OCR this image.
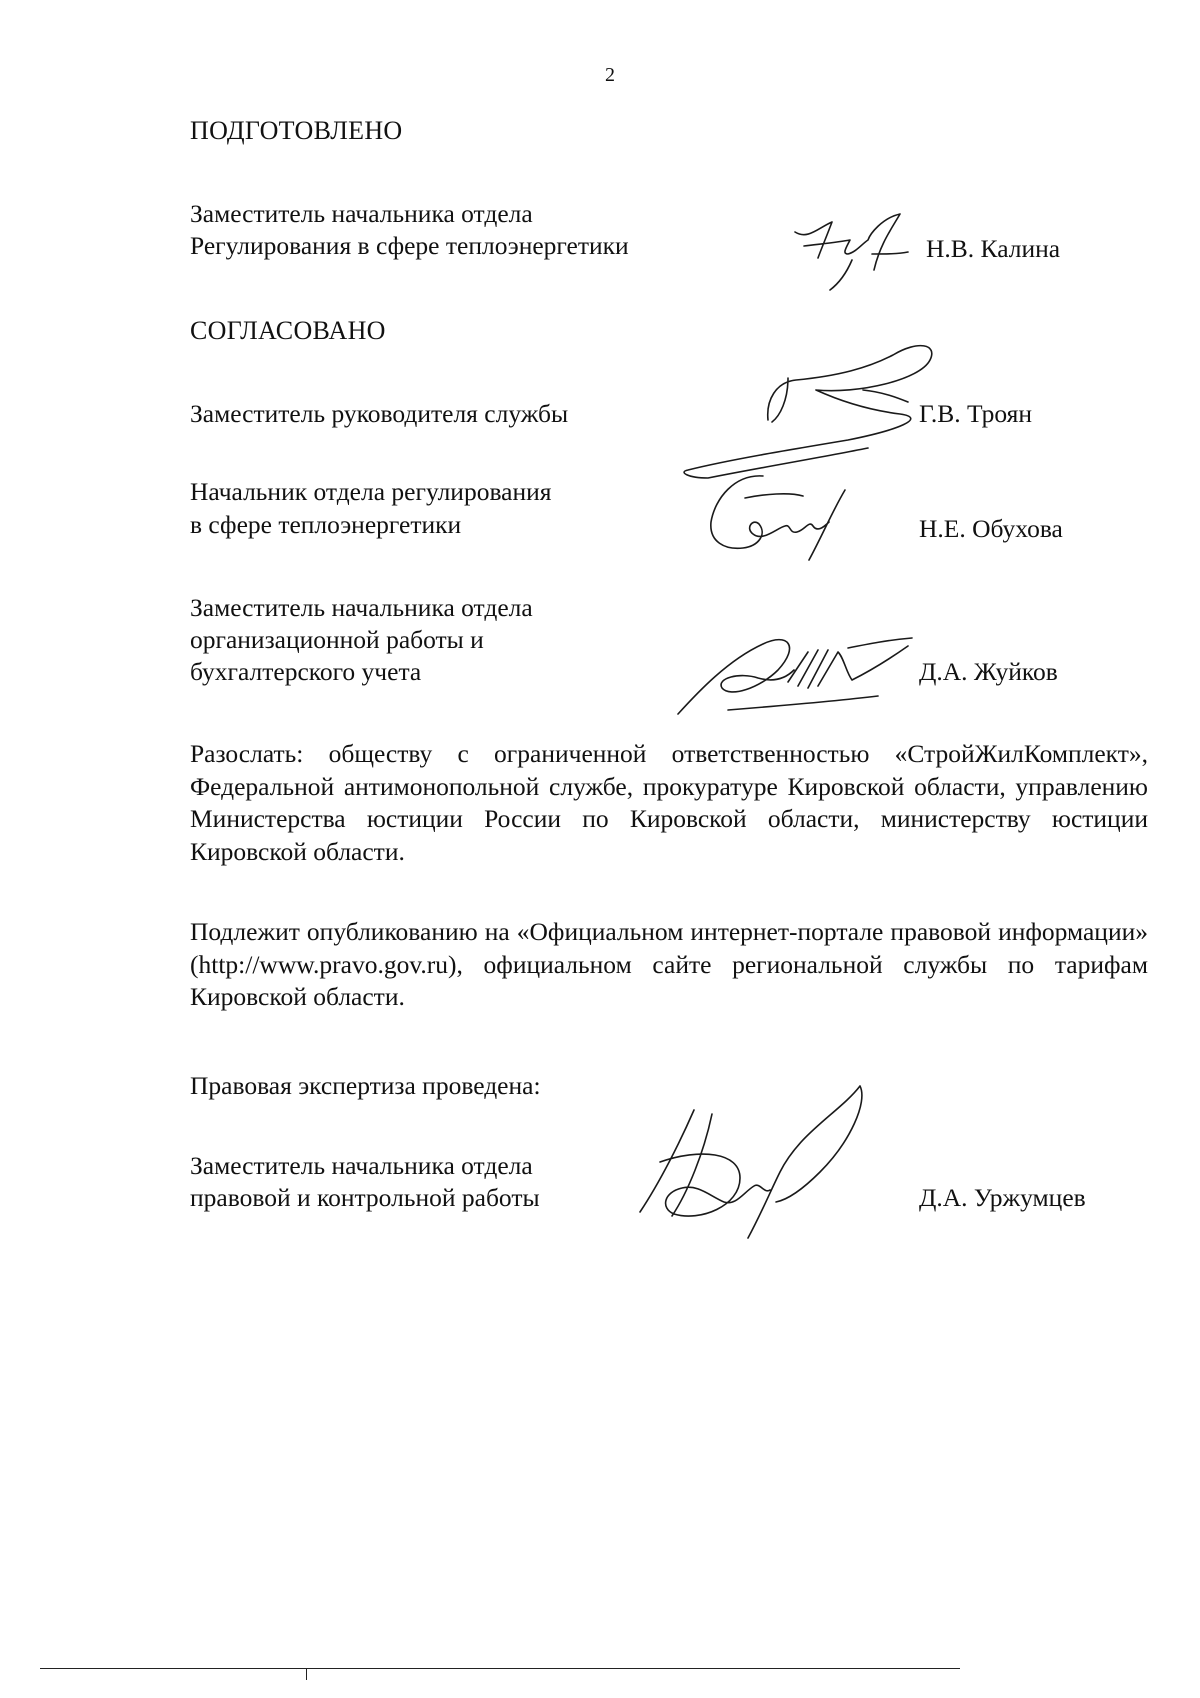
2
ПОДГОТОВЛЕНО
Заместитель начальника отдела
Регулирования в сфере теплоэнергетики	Н.В. Калина
СОГЛАСОВАНО
Заместитель руководителя службы	Г.В. Троян
Начальник отдела регулирования
в сфере теплоэнергетики	Н.Е. Обухова
Заместитель начальника отдела
организационной работы и
бухгалтерского учета	Д.А. Жуйков
Разослать: обществу с ограниченной ответственностью «СтройЖилКомплект», Федеральной антимонопольной службе, прокуратуре Кировской области, управлению Министерства юстиции России по Кировской области, министерству юстиции Кировской области.
Подлежит опубликованию на «Официальном интернет-портале правовой информации» (http://www.pravo.gov.ru), официальном сайте региональной службы по тарифам Кировской области.
Правовая экспертиза проведена:
Заместитель начальника отдела
правовой и контрольной работы	Д.А. Уржумцев
